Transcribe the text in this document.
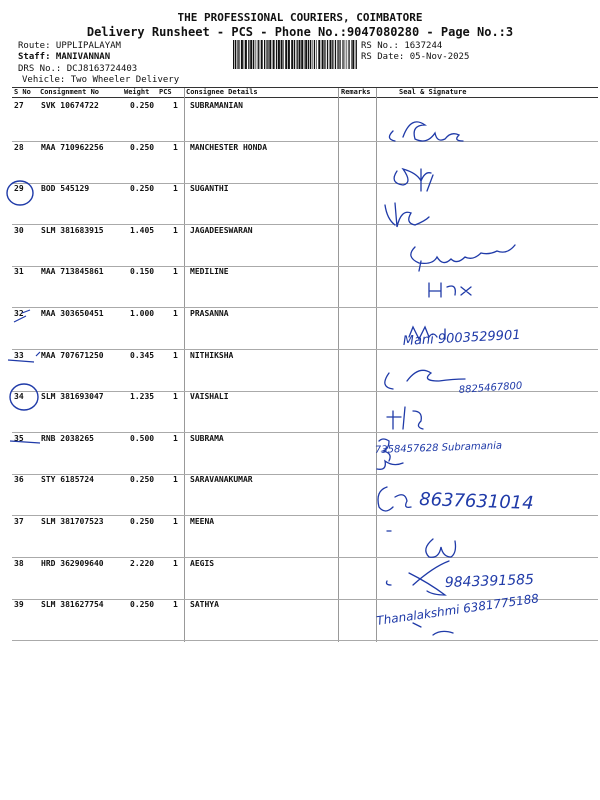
THE PROFESSIONAL COURIERS, COIMBATORE
Delivery Runsheet - PCS - Phone No.:9047080280 - Page No.:3
Route: UPPLIPALAYAM
Staff: MANIVANNAN
DRS No.: DCJ8163724403
Vehicle: Two Wheeler Delivery
RS No.: 1637244
RS Date: 05-Nov-2025
S No Consignment No	Weight PCS Consignee Details	Remarks	Seal & Signature
27 SVK 10674722	0.250 1 SUBRAMANIAN
28 MAA 710962256	0.250 1 MANCHESTER HONDA
29 BOD 545129	0.250 1 SUGANTHI
30 SLM 381683915	1.405 1 JAGADEESWARAN
31 MAA 713845861	0.150 1 MEDILINE
32 MAA 303650451	1.000 1 PRASANNA
33 MAA 707671250	0.345 1 NITHIKSHA
34 SLM 381693047	1.235 1 VAISHALI
35 RNB 2038265	0.500 1 SUBRAMA
36 STY 6185724	0.250 1 SARAVANAKUMAR
37 SLM 381707523	0.250 1 MEENA
38 HRD 362909640	2.220 1 AEGIS
39 SLM 381627754	0.250 1 SATHYA
Mani 9003529901
8825467800
7358457628 Subramania
8637631014
9843391585
Thanalakshmi 6381775188
